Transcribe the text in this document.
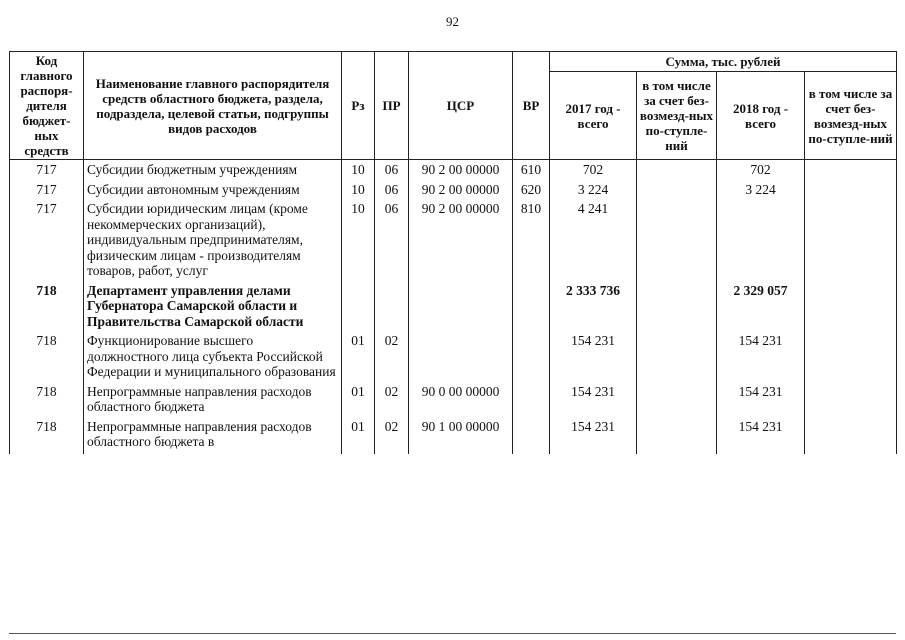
92
Код главного распоря-дителя бюджет-ных средств	Наименование главного распорядителя средств областного бюджета, раздела, подраздела, целевой статьи, подгруппы видов расходов	Рз	ПР	ЦСР	ВР	Сумма, тыс. рублей			
						2017 год - всего	в том числе за счет без-возмезд-ных по-ступле-ний	2018 год - всего	в том числе за счет без-возмезд-ных по-ступле-ний

717	Субсидии бюджетным учреждениям	10	06	90 2 00 00000	610	702		702	
717	Субсидии автономным учреждениям	10	06	90 2 00 00000	620	3 224		3 224	
717	Субсидии юридическим лицам (кроме некоммерческих организаций), индивидуальным предпринимателям, физическим лицам - производителям товаров, работ, услуг	10	06	90 2 00 00000	810	4 241			
718	Департамент управления делами Губернатора Самарской области и Правительства Самарской области					2 333 736		2 329 057	
718	Функционирование высшего должностного лица субъекта Российской Федерации и муниципального образования	01	02			154 231		154 231	
718	Непрограммные направления расходов областного бюджета	01	02	90 0 00 00000		154 231		154 231	
718	Непрограммные направления расходов областного бюджета в	01	02	90 1 00 00000		154 231		154 231	
